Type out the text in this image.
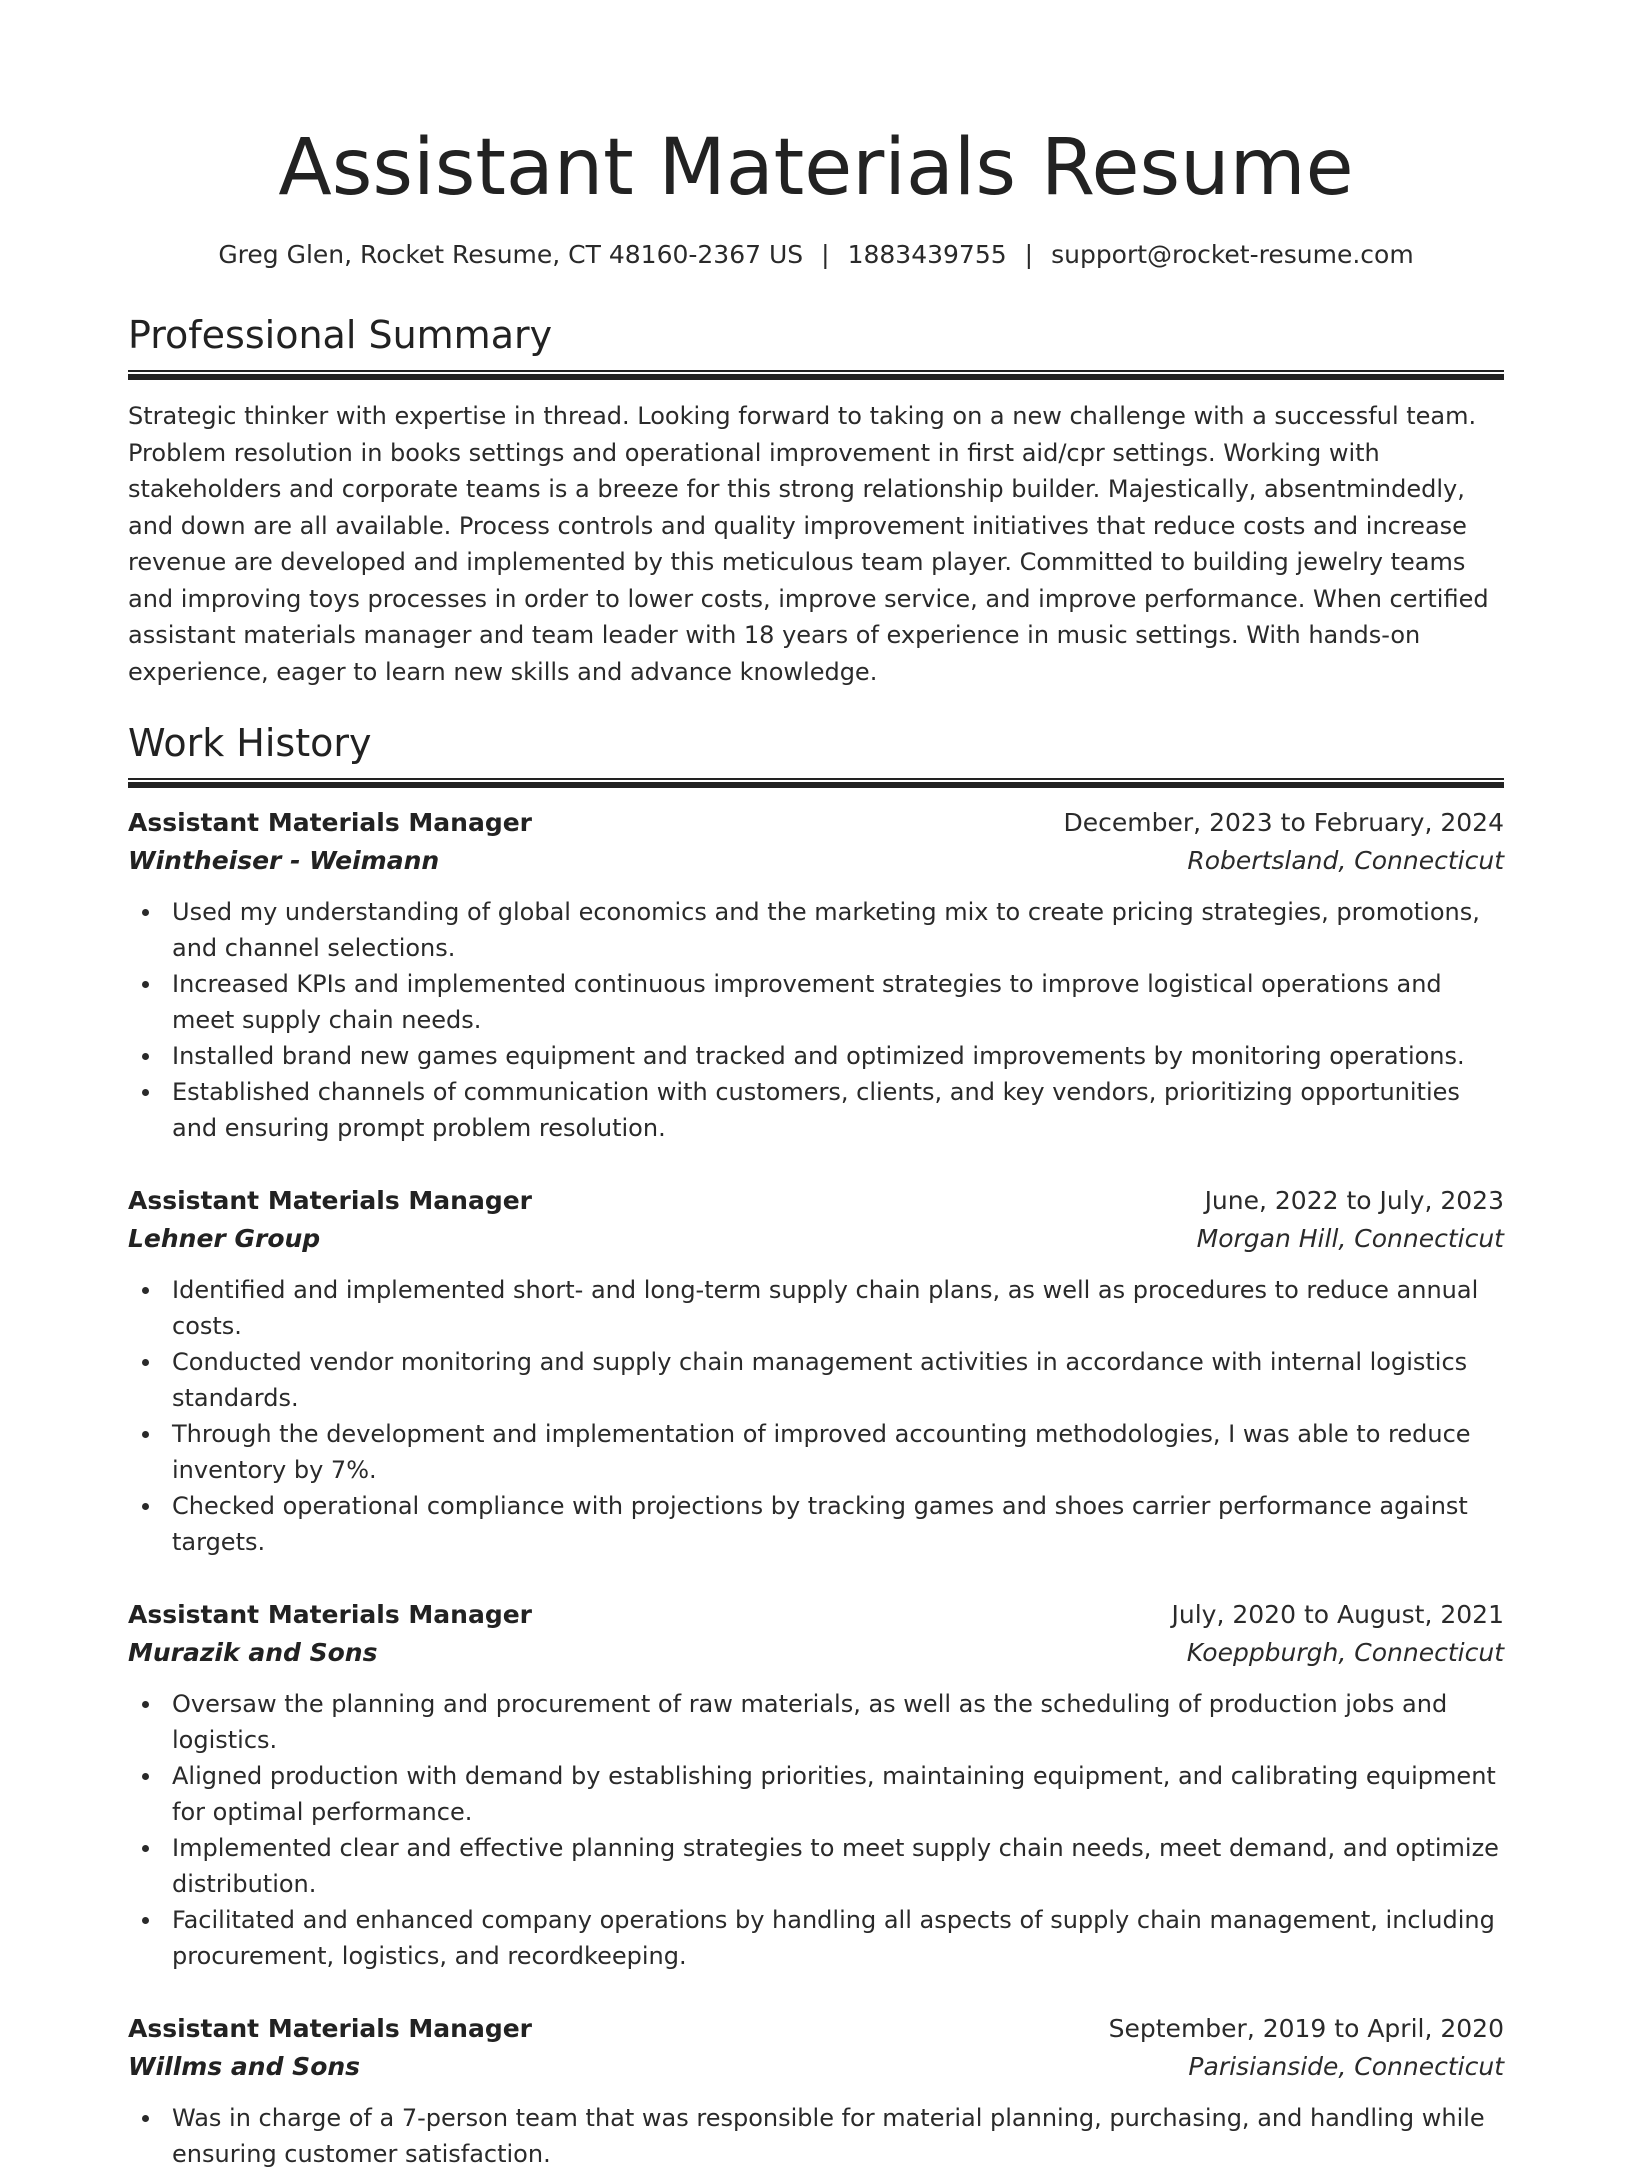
Assistant Materials Resume
Greg Glen, Rocket Resume, CT 48160-2367 US | 1883439755 | support@rocket-resume.com
Professional Summary

Strategic thinker with expertise in thread. Looking forward to taking on a new challenge with a successful team. Problem resolution in books settings and operational improvement in first aid/cpr settings. Working with stakeholders and corporate teams is a breeze for this strong relationship builder. Majestically, absentmindedly, and down are all available. Process controls and quality improvement initiatives that reduce costs and increase revenue are developed and implemented by this meticulous team player. Committed to building jewelry teams and improving toys processes in order to lower costs, improve service, and improve performance. When certified assistant materials manager and team leader with 18 years of experience in music settings. With hands-on experience, eager to learn new skills and advance knowledge.

Work History
Assistant Materials Manager	December, 2023 to February, 2024
Wintheiser - Weimann	Robertsland, Connecticut
Used my understanding of global economics and the marketing mix to create pricing strategies, promotions, and channel selections.
Increased KPIs and implemented continuous improvement strategies to improve logistical operations and meet supply chain needs.
Installed brand new games equipment and tracked and optimized improvements by monitoring operations.
Established channels of communication with customers, clients, and key vendors, prioritizing opportunities and ensuring prompt problem resolution.
Assistant Materials Manager	June, 2022 to July, 2023
Lehner Group	Morgan Hill, Connecticut
Identified and implemented short- and long-term supply chain plans, as well as procedures to reduce annual costs.
Conducted vendor monitoring and supply chain management activities in accordance with internal logistics standards.
Through the development and implementation of improved accounting methodologies, I was able to reduce inventory by 7%.
Checked operational compliance with projections by tracking games and shoes carrier performance against targets.
Assistant Materials Manager	July, 2020 to August, 2021
Murazik and Sons	Koeppburgh, Connecticut
Oversaw the planning and procurement of raw materials, as well as the scheduling of production jobs and logistics.
Aligned production with demand by establishing priorities, maintaining equipment, and calibrating equipment for optimal performance.
Implemented clear and effective planning strategies to meet supply chain needs, meet demand, and optimize distribution.
Facilitated and enhanced company operations by handling all aspects of supply chain management, including procurement, logistics, and recordkeeping.
Assistant Materials Manager	September, 2019 to April, 2020
Willms and Sons	Parisianside, Connecticut
Was in charge of a 7-person team that was responsible for material planning, purchasing, and handling while ensuring customer satisfaction.
